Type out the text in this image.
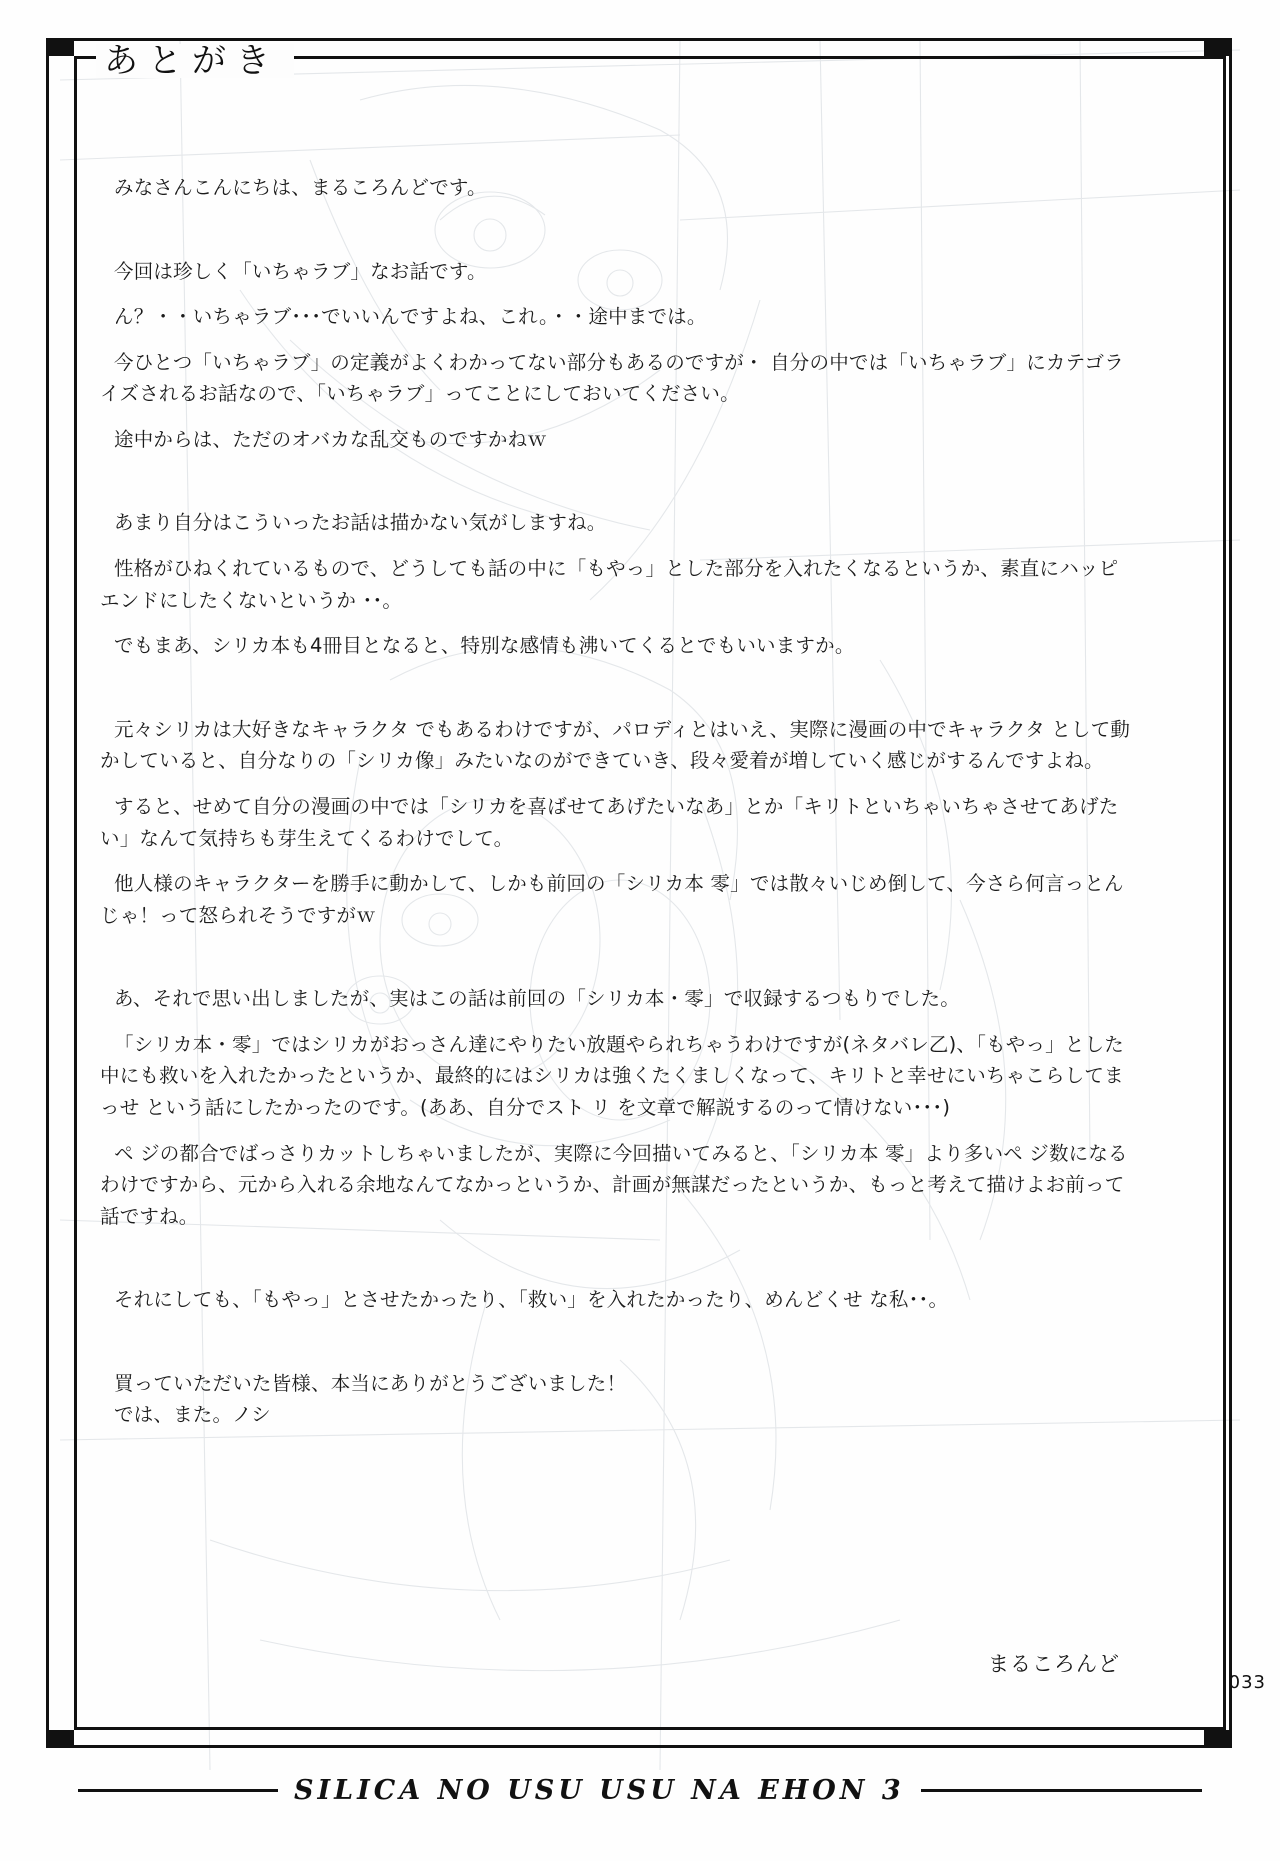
あとがき

みなさんこんにちは、まるころんどです。

今回は珍しく「いちゃラブ」なお話です。

ん？・・いちゃラブ･･･でいいんですよね、これ。・・途中までは。

今ひとつ「いちゃラブ」の定義がよくわかってない部分もあるのですが・ 自分の中では「いちゃラブ」にカテゴライズされるお話なので、「いちゃラブ」ってことにしておいてください。

途中からは、ただのオバカな乱交ものですかねｗ

あまり自分はこういったお話は描かない気がしますね。

性格がひねくれているもので、どうしても話の中に「もやっ」とした部分を入れたくなるというか、素直にハッピ エンドにしたくないというか ･･。

でもまあ、シリカ本も4冊目となると、特別な感情も沸いてくるとでもいいますか。

元々シリカは大好きなキャラクタ でもあるわけですが、パロディとはいえ、実際に漫画の中でキャラクタ として動かしていると、自分なりの「シリカ像」みたいなのができていき、段々愛着が増していく感じがするんですよね。

すると、せめて自分の漫画の中では「シリカを喜ばせてあげたいなあ」とか「キリトといちゃいちゃさせてあげたい」なんて気持ちも芽生えてくるわけでして。

他人様のキャラクターを勝手に動かして、しかも前回の「シリカ本 零」では散々いじめ倒して、今さら何言っとんじゃ！って怒られそうですがｗ

あ、それで思い出しましたが、実はこの話は前回の「シリカ本・零」で収録するつもりでした。

「シリカ本・零」ではシリカがおっさん達にやりたい放題やられちゃうわけですが(ネタバレ乙)、「もやっ」とした中にも救いを入れたかったというか、最終的にはシリカは強くたくましくなって、キリトと幸せにいちゃこらしてまっせ という話にしたかったのです。(ああ、自分でスト リ を文章で解説するのって情けない･･･)

ペ ジの都合でばっさりカットしちゃいましたが、実際に今回描いてみると、「シリカ本 零」より多いペ ジ数になるわけですから、元から入れる余地なんてなかっというか、計画が無謀だったというか、もっと考えて描けよお前って話ですね。

それにしても、「もやっ」とさせたかったり、「救い」を入れたかったり、めんどくせ な私･･。

買っていただいた皆様、本当にありがとうございました！

では、また。ノシ

まるころんど
033
SILICA NO USU USU NA EHON 3
